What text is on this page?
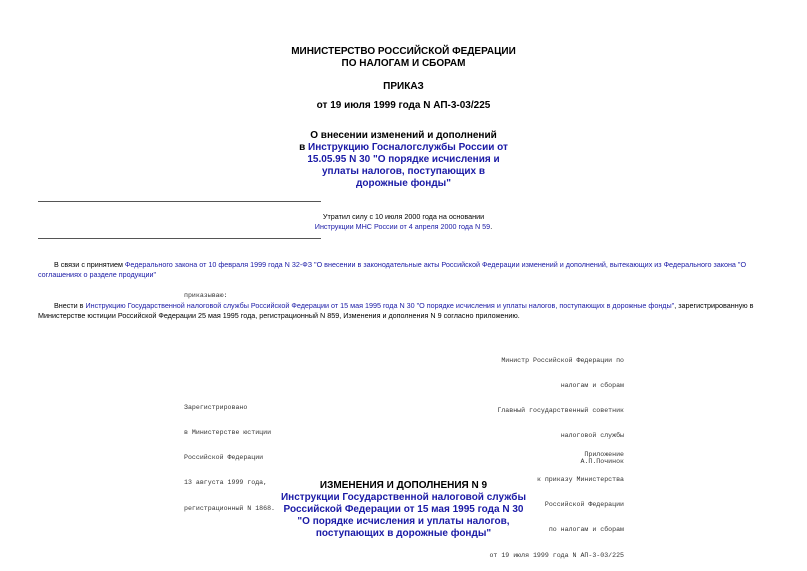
МИНИСТЕРСТВО РОССИЙСКОЙ ФЕДЕРАЦИИ
ПО НАЛОГАМ И СБОРАМ
ПРИКАЗ
от 19 июля 1999 года N АП-3-03/225
О внесении изменений и дополнений
в Инструкцию Госналогслужбы России от
15.05.95 N 30 "О порядке исчисления и
уплаты налогов, поступающих в
дорожные фонды"
Утратил силу с 10 июля 2000 года на основании
Инструкции МНС России от 4 апреля 2000 года N 59.
В связи с принятием Федерального закона от 10 февраля 1999 года N 32-ФЗ "О внесении в законодательные акты Российской Федерации изменений и дополнений, вытекающих из Федерального закона "О соглашениях о разделе продукции"
приказываю:
Внести в Инструкцию Государственной налоговой службы Российской Федерации от 15 мая 1995 года N 30 "О порядке исчисления и уплаты налогов, поступающих в дорожные фонды", зарегистрированную в Министерстве юстиции Российской Федерации 25 мая 1995 года, регистрационный N 859, Изменения и дополнения N 9 согласно приложению.

Министр Российской Федерации по

налогам и сборам

Главный государственный советник

налоговой службы

А.П.Починок

Зарегистрировано

в Министерстве юстиции

Российской Федерации

13 августа 1999 года,

регистрационный N 1868.

Приложение

к приказу Министерства

Российской Федерации

по налогам и сборам

от 19 июля 1999 года N АП-3-03/225

ИЗМЕНЕНИЯ И ДОПОЛНЕНИЯ N 9
Инструкции Государственной налоговой службы
Российской Федерации от 15 мая 1995 года N 30
"О порядке исчисления и уплаты налогов,
поступающих в дорожные фонды"
